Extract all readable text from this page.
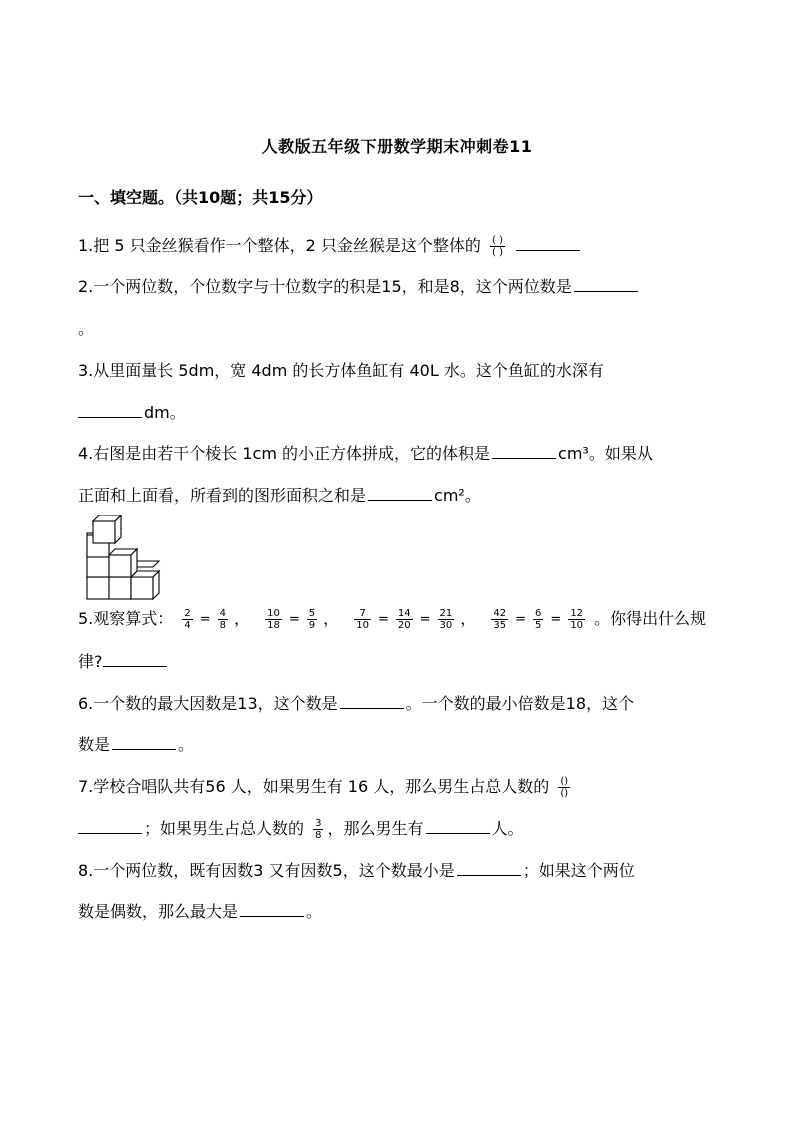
人教版五年级下册数学期末冲刺卷11
一、填空题。（共10题；共15分）
1.把 5 只金丝猴看作一个整体，2 只金丝猴是这个整体的 $\frac{( )}{( )}$

2.一个两位数，个位数字与十位数字的积是15，和是8，这个两位数是
。
3.从里面量长 5dm，宽 4dm 的长方体鱼缸有 40L 水。这个鱼缸的水深有
dm。
4.右图是由若干个棱长 1cm 的小正方体拼成，它的体积是	cm³。如果从
正面和上面看，所看到的图形面积之和是	cm²。
5.观察算式： $\frac{2}{4} = \frac{4}{8}$ ， $\frac{10}{18} = \frac{5}{9}$ ， $\frac{7}{10} = \frac{14}{20} = \frac{21}{30}$ ， $\frac{42}{35} = \frac{6}{5} = \frac{12}{10}$ 。你得出什么规
律?
6.一个数的最大因数是13，这个数是	。一个数的最小倍数是18，这个
数是	。
7.学校合唱队共有56 人，如果男生有 16 人，那么男生占总人数的 $\frac{()}{()}$
；如果男生占总人数的 $\frac{3}{8}$ ，那么男生有	人。
8.一个两位数，既有因数3 又有因数5，这个数最小是	；如果这个两位
数是偶数，那么最大是	。
